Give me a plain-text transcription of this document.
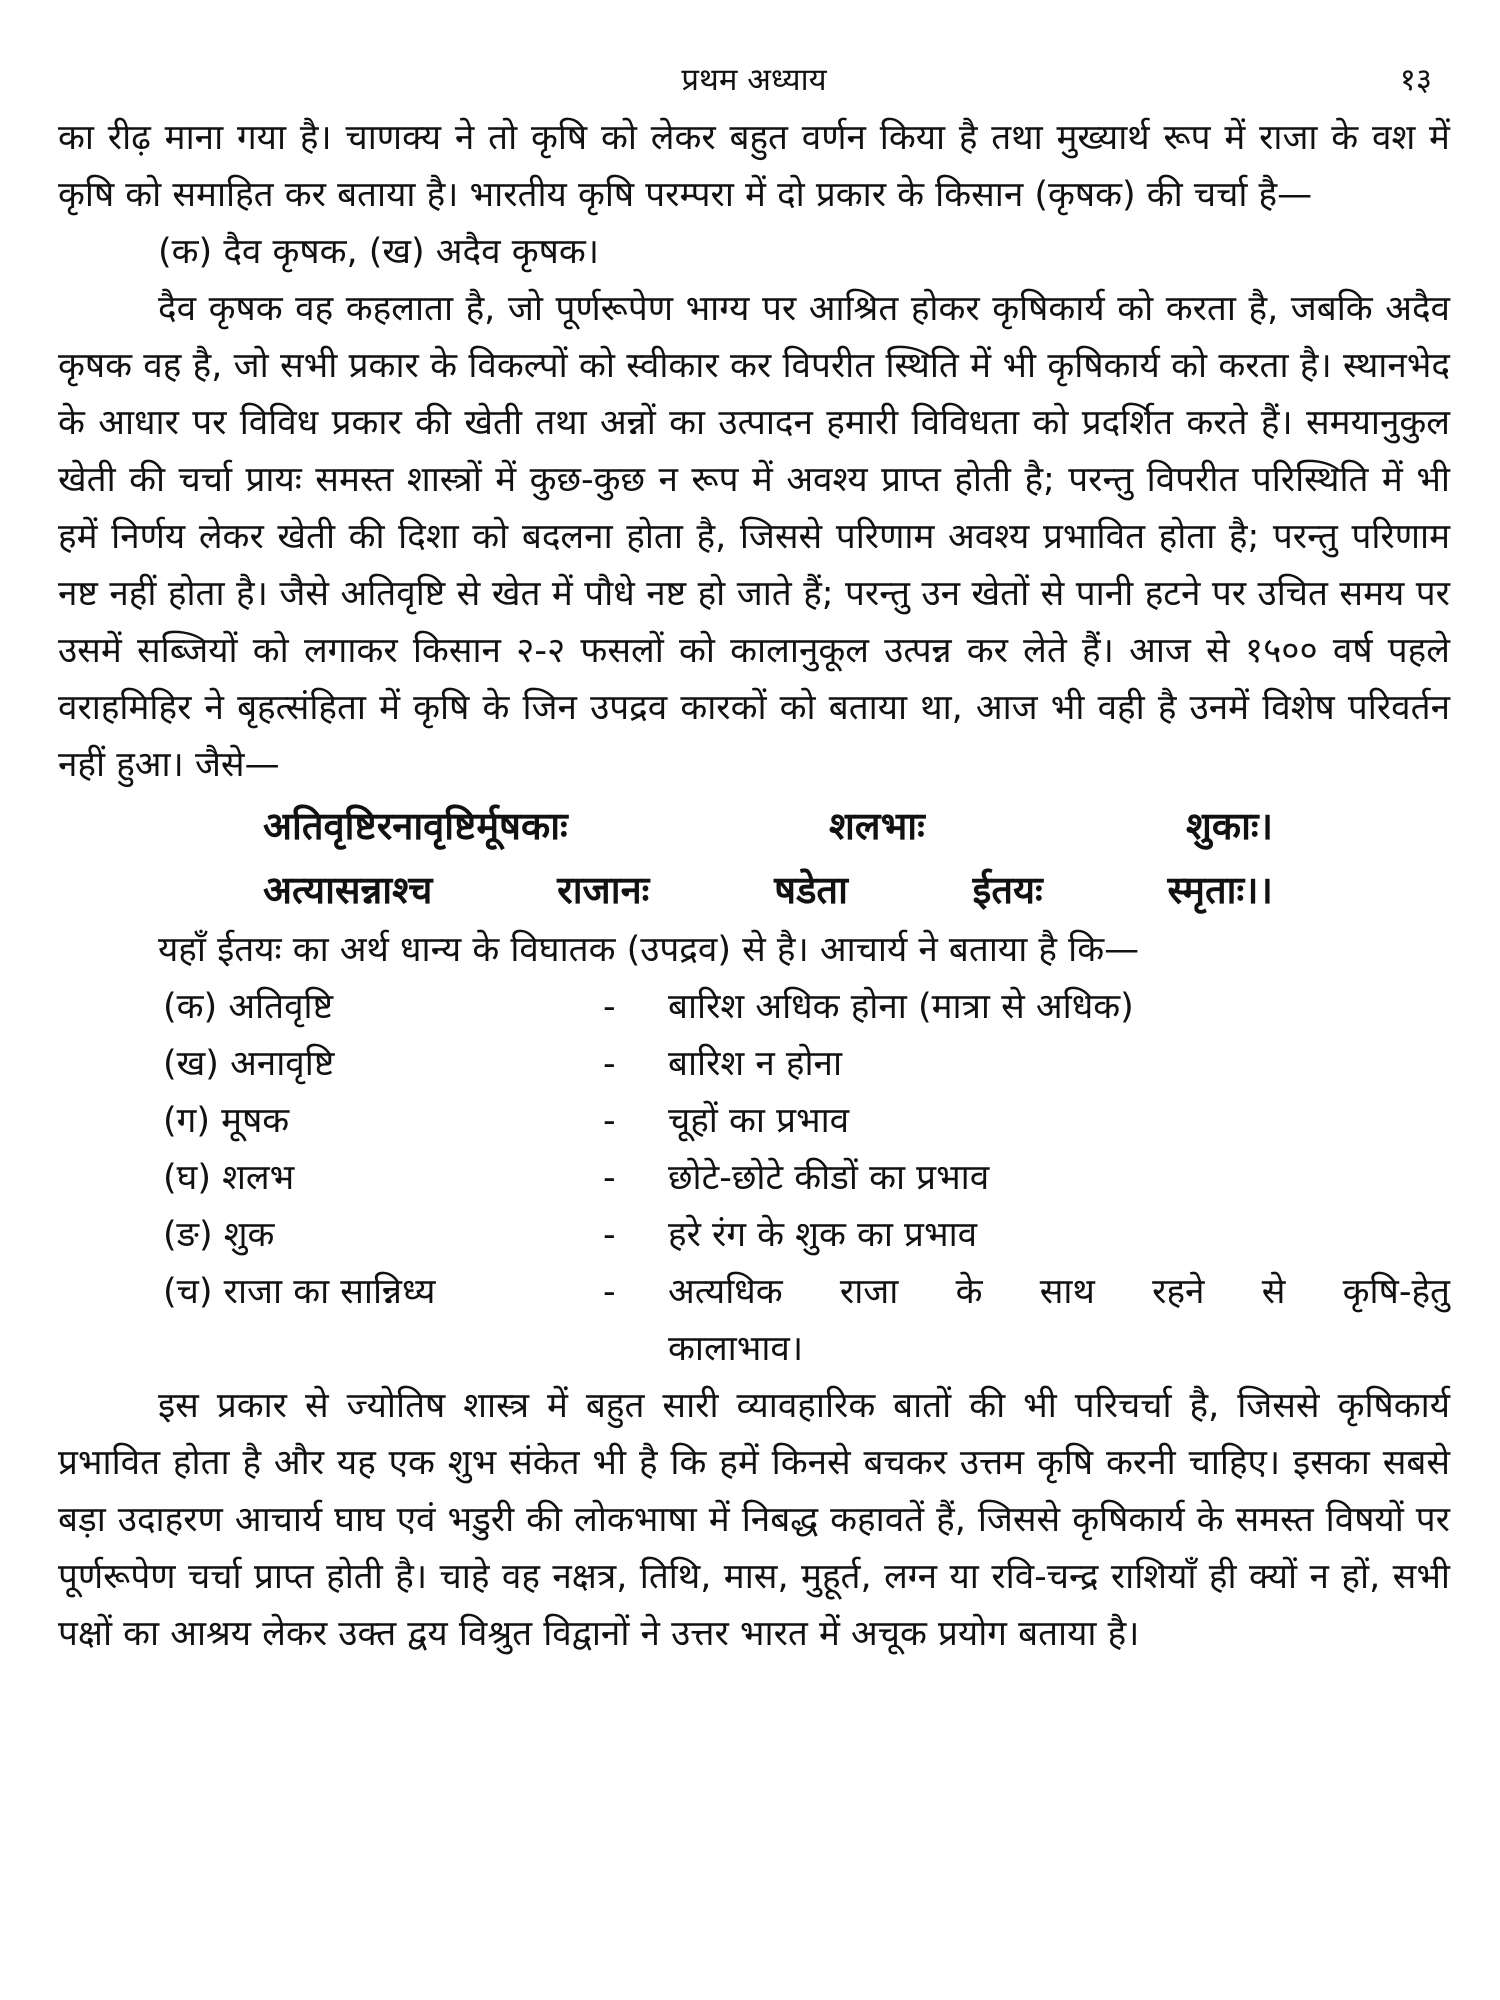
प्रथम अध्याय	१३

का रीढ़ माना गया है। चाणक्य ने तो कृषि को लेकर बहुत वर्णन किया है तथा मुख्यार्थ रूप में राजा के वश में कृषि को समाहित कर बताया है। भारतीय कृषि परम्परा में दो प्रकार के किसान (कृषक) की चर्चा है—

(क) दैव कृषक, (ख) अदैव कृषक।

दैव कृषक वह कहलाता है, जो पूर्णरूपेण भाग्य पर आश्रित होकर कृषिकार्य को करता है, जबकि अदैव कृषक वह है, जो सभी प्रकार के विकल्पों को स्वीकार कर विपरीत स्थिति में भी कृषिकार्य को करता है। स्थानभेद के आधार पर विविध प्रकार की खेती तथा अन्नों का उत्पादन हमारी विविधता को प्रदर्शित करते हैं। समयानुकुल खेती की चर्चा प्रायः समस्त शास्त्रों में कुछ-कुछ न रूप में अवश्य प्राप्त होती है; परन्तु विपरीत परिस्थिति में भी हमें निर्णय लेकर खेती की दिशा को बदलना होता है, जिससे परिणाम अवश्य प्रभावित होता है; परन्तु परिणाम नष्ट नहीं होता है। जैसे अतिवृष्टि से खेत में पौधे नष्ट हो जाते हैं; परन्तु उन खेतों से पानी हटने पर उचित समय पर उसमें सब्जियों को लगाकर किसान २-२ फसलों को कालानुकूल उत्पन्न कर लेते हैं। आज से १५०० वर्ष पहले वराहमिहिर ने बृहत्संहिता में कृषि के जिन उपद्रव कारकों को बताया था, आज भी वही है उनमें विशेष परिवर्तन नहीं हुआ। जैसे—

अतिवृष्टिरनावृष्टिर्मूषकाः	शलभाः	शुकाः।
अत्यासन्नाश्च	राजानः	षडेता	ईतयः	स्मृताः।।

यहाँ ईतयः का अर्थ धान्य के विघातक (उपद्रव) से है। आचार्य ने बताया है कि—

(क) अतिवृष्टि	-	बारिश अधिक होना (मात्रा से अधिक)
(ख) अनावृष्टि	-	बारिश न होना
(ग) मूषक	-	चूहों का प्रभाव
(घ) शलभ	-	छोटे-छोटे कीडों का प्रभाव
(ङ) शुक	-	हरे रंग के शुक का प्रभाव
(च) राजा का सान्निध्य	-	अत्यधिक राजा के साथ रहने से कृषि-हेतु
कालाभाव।

इस प्रकार से ज्योतिष शास्त्र में बहुत सारी व्यावहारिक बातों की भी परिचर्चा है, जिससे कृषिकार्य प्रभावित होता है और यह एक शुभ संकेत भी है कि हमें किनसे बचकर उत्तम कृषि करनी चाहिए। इसका सबसे बड़ा उदाहरण आचार्य घाघ एवं भडुरी की लोकभाषा में निबद्ध कहावतें हैं, जिससे कृषिकार्य के समस्त विषयों पर पूर्णरूपेण चर्चा प्राप्त होती है। चाहे वह नक्षत्र, तिथि, मास, मुहूर्त, लग्न या रवि-चन्द्र राशियाँ ही क्यों न हों, सभी पक्षों का आश्रय लेकर उक्त द्वय विश्रुत विद्वानों ने उत्तर भारत में अचूक प्रयोग बताया है।
